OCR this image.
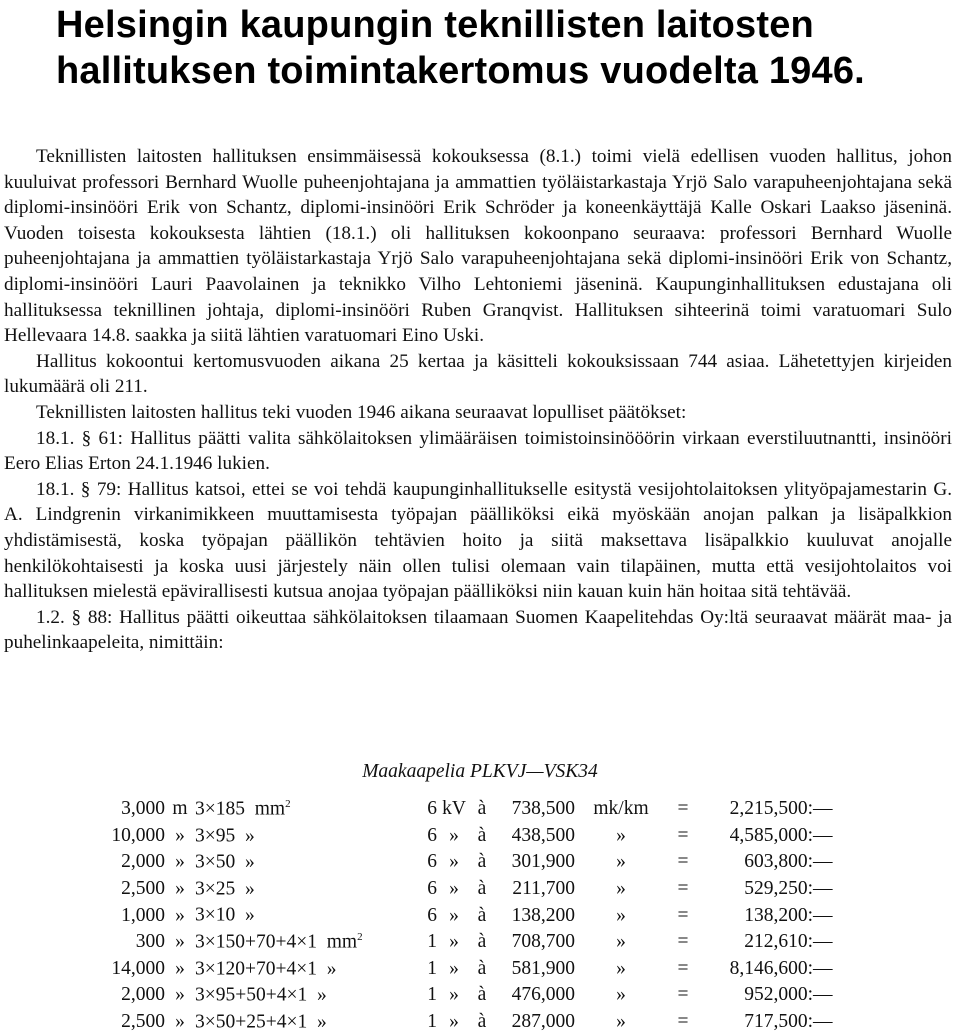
Helsingin kaupungin teknillisten laitosten hallituksen toimintakertomus vuodelta 1946.

Teknillisten laitosten hallituksen ensimmäisessä kokouksessa (8.1.) toimi vielä edellisen vuoden hallitus, johon kuuluivat professori Bernhard Wuolle puheenjohtajana ja ammattien työläistarkastaja Yrjö Salo varapuheenjohtajana sekä diplomi-insinööri Erik von Schantz, diplomi-insinööri Erik Schröder ja koneenkäyttäjä Kalle Oskari Laakso jäseninä. Vuoden toisesta kokouksesta lähtien (18.1.) oli hallituksen kokoonpano seuraava: professori Bernhard Wuolle puheenjohtajana ja ammattien työläistarkastaja Yrjö Salo varapuheenjohtajana sekä diplomi-insinööri Erik von Schantz, diplomi-insinööri Lauri Paavolainen ja teknikko Vilho Lehtoniemi jäseninä. Kaupunginhallituksen edustajana oli hallituksessa teknillinen johtaja, diplomi-insinööri Ruben Granqvist. Hallituksen sihteerinä toimi varatuomari Sulo Hellevaara 14.8. saakka ja siitä lähtien varatuomari Eino Uski.

Hallitus kokoontui kertomusvuoden aikana 25 kertaa ja käsitteli kokouksissaan 744 asiaa. Lähetettyjen kirjeiden lukumäärä oli 211.

Teknillisten laitosten hallitus teki vuoden 1946 aikana seuraavat lopulliset päätökset:

18.1. § 61: Hallitus päätti valita sähkölaitoksen ylimääräisen toimistoinsinööörin virkaan everstiluutnantti, insinööri Eero Elias Erton 24.1.1946 lukien.

18.1. § 79: Hallitus katsoi, ettei se voi tehdä kaupunginhallitukselle esitystä vesijohtolaitoksen ylityöpajamestarin G. A. Lindgrenin virkanimikkeen muuttamisesta työpajan päälliköksi eikä myöskään anojan palkan ja lisäpalkkion yhdistämisestä, koska työpajan päällikön tehtävien hoito ja siitä maksettava lisäpalkkio kuuluvat anojalle henkilökohtaisesti ja koska uusi järjestely näin ollen tulisi olemaan vain tilapäinen, mutta että vesijohtolaitos voi hallituksen mielestä epävirallisesti kutsua anojaa työpajan päälliköksi niin kauan kuin hän hoitaa sitä tehtävää.

1.2. § 88: Hallitus päätti oikeuttaa sähkölaitoksen tilaamaan Suomen Kaapelitehdas Oy:ltä seuraavat määrät maa- ja puhelinkaapeleita, nimittäin:

Maakaapelia PLKVJ—VSK34
3,000	m	3×185 $mm^2$	6	kV	à	738,500	mk/km	=	2,215,500:	—
10,000	»	3×95 »	6	»	à	438,500	»	=	4,585,000:	—
2,000	»	3×50 »	6	»	à	301,900	»	=	603,800:	—
2,500	»	3×25 »	6	»	à	211,700	»	=	529,250:	—
1,000	»	3×10 »	6	»	à	138,200	»	=	138,200:	—
300	»	3×150+70+4×1 $mm^2$	1	»	à	708,700	»	=	212,610:	—
14,000	»	3×120+70+4×1 »	1	»	à	581,900	»	=	8,146,600:	—
2,000	»	3×95+50+4×1 »	1	»	à	476,000	»	=	952,000:	—
2,500	»	3×50+25+4×1 »	1	»	à	287,000	»	=	717,500:	—
